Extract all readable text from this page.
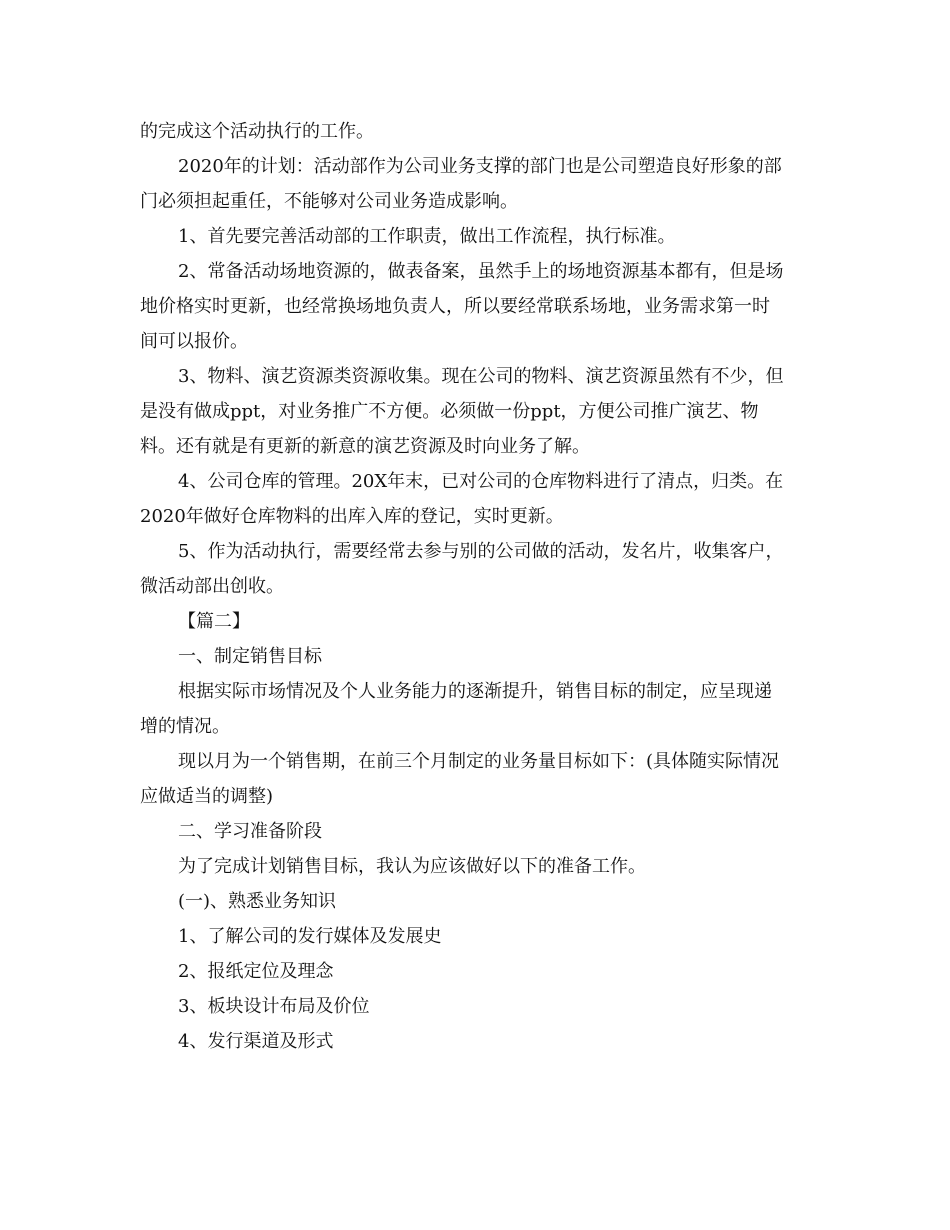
的完成这个活动执行的工作。
2020年的计划：活动部作为公司业务支撑的部门也是公司塑造良好形象的部
门必须担起重任，不能够对公司业务造成影响。
1、首先要完善活动部的工作职责，做出工作流程，执行标准。
2、常备活动场地资源的，做表备案，虽然手上的场地资源基本都有，但是场
地价格实时更新，也经常换场地负责人，所以要经常联系场地，业务需求第一时
间可以报价。
3、物料、演艺资源类资源收集。现在公司的物料、演艺资源虽然有不少，但
是没有做成ppt，对业务推广不方便。必须做一份ppt，方便公司推广演艺、物
料。还有就是有更新的新意的演艺资源及时向业务了解。
4、公司仓库的管理。20X年末，已对公司的仓库物料进行了清点，归类。在
2020年做好仓库物料的出库入库的登记，实时更新。
5、作为活动执行，需要经常去参与别的公司做的活动，发名片，收集客户，
微活动部出创收。
【篇二】
一、制定销售目标
根据实际市场情况及个人业务能力的逐渐提升，销售目标的制定，应呈现递
增的情况。
现以月为一个销售期，在前三个月制定的业务量目标如下：(具体随实际情况
应做适当的调整)
二、学习准备阶段
为了完成计划销售目标，我认为应该做好以下的准备工作。
(一)、熟悉业务知识
1、了解公司的发行媒体及发展史
2、报纸定位及理念
3、板块设计布局及价位
4、发行渠道及形式
